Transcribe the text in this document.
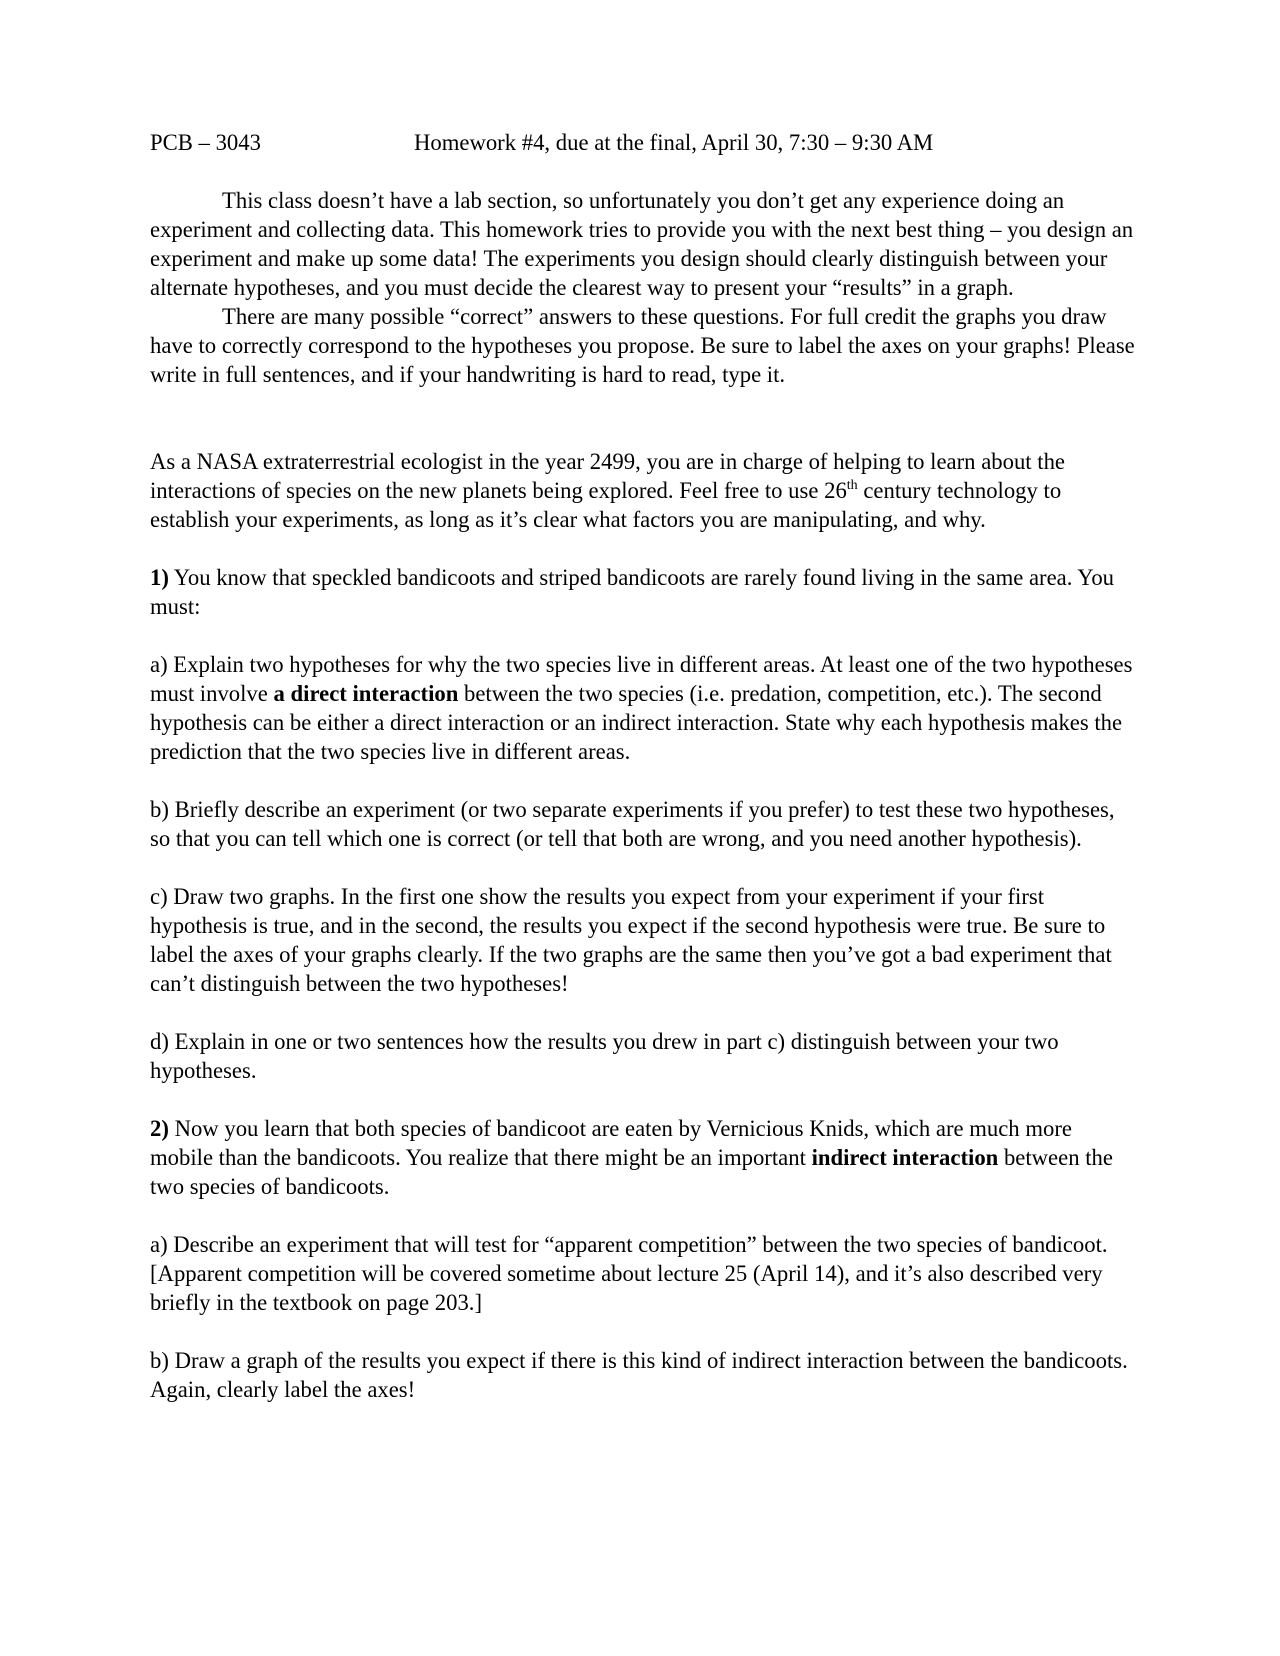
PCB – 3043	Homework #4, due at the final, April 30, 7:30 – 9:30 AM

This class doesn’t have a lab section, so unfortunately you don’t get any experience doing an experiment and collecting data. This homework tries to provide you with the next best thing – you design an experiment and make up some data! The experiments you design should clearly distinguish between your alternate hypotheses, and you must decide the clearest way to present your “results” in a graph.

There are many possible “correct” answers to these questions. For full credit the graphs you draw have to correctly correspond to the hypotheses you propose. Be sure to label the axes on your graphs! Please write in full sentences, and if your handwriting is hard to read, type it.

As a NASA extraterrestrial ecologist in the year 2499, you are in charge of helping to learn about the interactions of species on the new planets being explored. Feel free to use 26th century technology to establish your experiments, as long as it’s clear what factors you are manipulating, and why.

1) You know that speckled bandicoots and striped bandicoots are rarely found living in the same area. You must:

a) Explain two hypotheses for why the two species live in different areas. At least one of the two hypotheses must involve a direct interaction between the two species (i.e. predation, competition, etc.). The second hypothesis can be either a direct interaction or an indirect interaction. State why each hypothesis makes the prediction that the two species live in different areas.

b) Briefly describe an experiment (or two separate experiments if you prefer) to test these two hypotheses, so that you can tell which one is correct (or tell that both are wrong, and you need another hypothesis).

c) Draw two graphs. In the first one show the results you expect from your experiment if your first hypothesis is true, and in the second, the results you expect if the second hypothesis were true. Be sure to label the axes of your graphs clearly. If the two graphs are the same then you’ve got a bad experiment that can’t distinguish between the two hypotheses!

d) Explain in one or two sentences how the results you drew in part c) distinguish between your two hypotheses.

2) Now you learn that both species of bandicoot are eaten by Vernicious Knids, which are much more mobile than the bandicoots. You realize that there might be an important indirect interaction between the two species of bandicoots.

a) Describe an experiment that will test for “apparent competition” between the two species of bandicoot. [Apparent competition will be covered sometime about lecture 25 (April 14), and it’s also described very briefly in the textbook on page 203.]

b) Draw a graph of the results you expect if there is this kind of indirect interaction between the bandicoots. Again, clearly label the axes!
